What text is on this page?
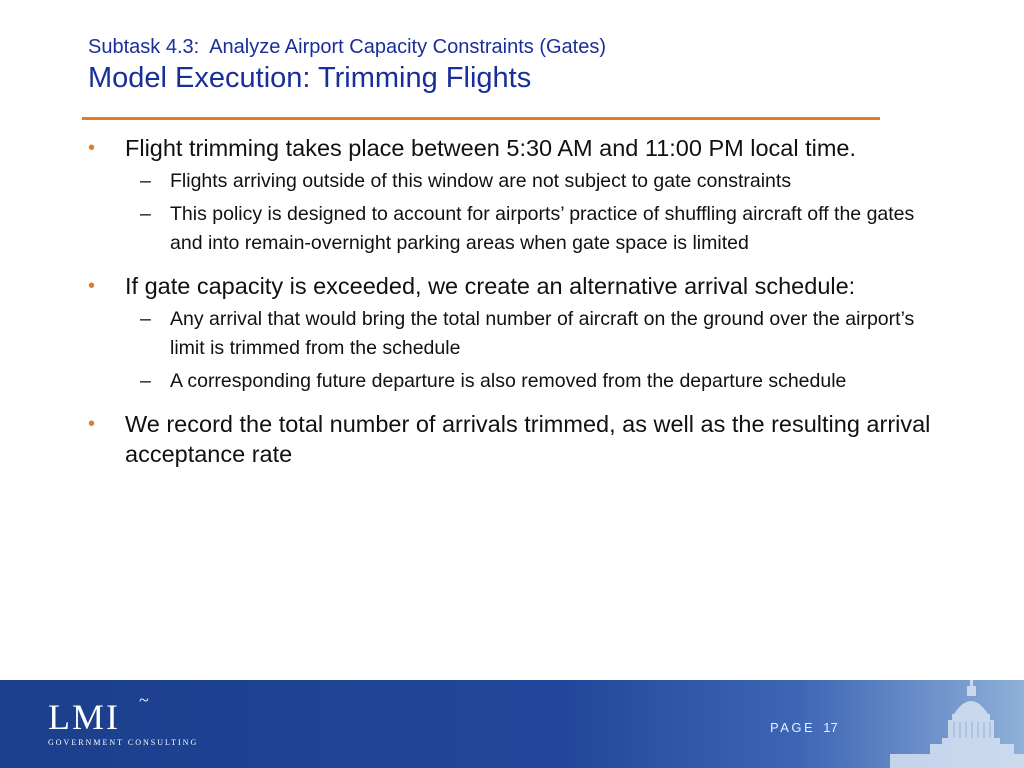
Subtask 4.3:  Analyze Airport Capacity Constraints (Gates)
Model Execution: Trimming Flights
• Flight trimming takes place between 5:30 AM and 11:00 PM local time.
– Flights arriving outside of this window are not subject to gate constraints
– This policy is designed to account for airports’ practice of shuffling aircraft off the gates and into remain-overnight parking areas when gate space is limited
• If gate capacity is exceeded, we create an alternative arrival schedule:
– Any arrival that would bring the total number of aircraft on the ground over the airport’s limit is trimmed from the schedule
– A corresponding future departure is also removed from the departure schedule
• We record the total number of arrivals trimmed, as well as the resulting arrival acceptance rate
LMI	~
GOVERNMENT CONSULTING
PAGE 17
